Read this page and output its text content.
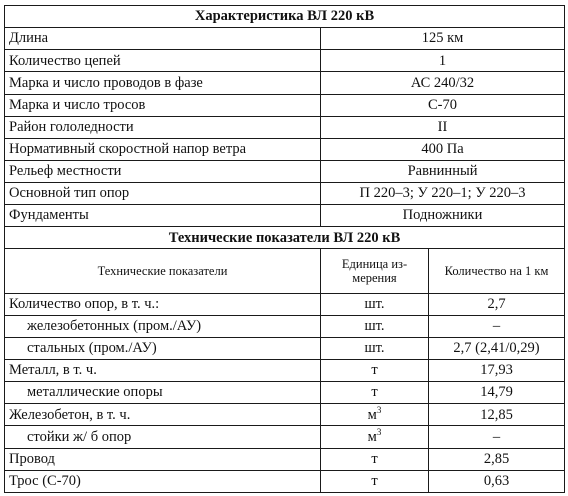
Характеристика ВЛ 220 кВ		
Длина	125 км	
Количество цепей	1	
Марка и число проводов в фазе	АС 240/32	
Марка и число тросов	С-70	
Район гололедности	II	
Нормативный скоростной напор ветра	400 Па	
Рельеф местности	Равнинный	
Основной тип опор	П 220–3; У 220–1; У 220–3	
Фундаменты	Подножники	
Технические показатели ВЛ 220 кВ		
Технические показатели	Единица из-мерения	Количество на 1 км
Количество опор, в т. ч.:	шт.	2,7
железобетонных (пром./АУ)	шт.	–
стальных (пром./АУ)	шт.	2,7 (2,41/0,29)
Металл, в т. ч.	т	17,93
металлические опоры	т	14,79
Железобетон, в т. ч.	$м^3$	12,85
стойки ж/ б опор	$м^3$	–
Провод	т	2,85
Трос (С-70)	т	0,63
